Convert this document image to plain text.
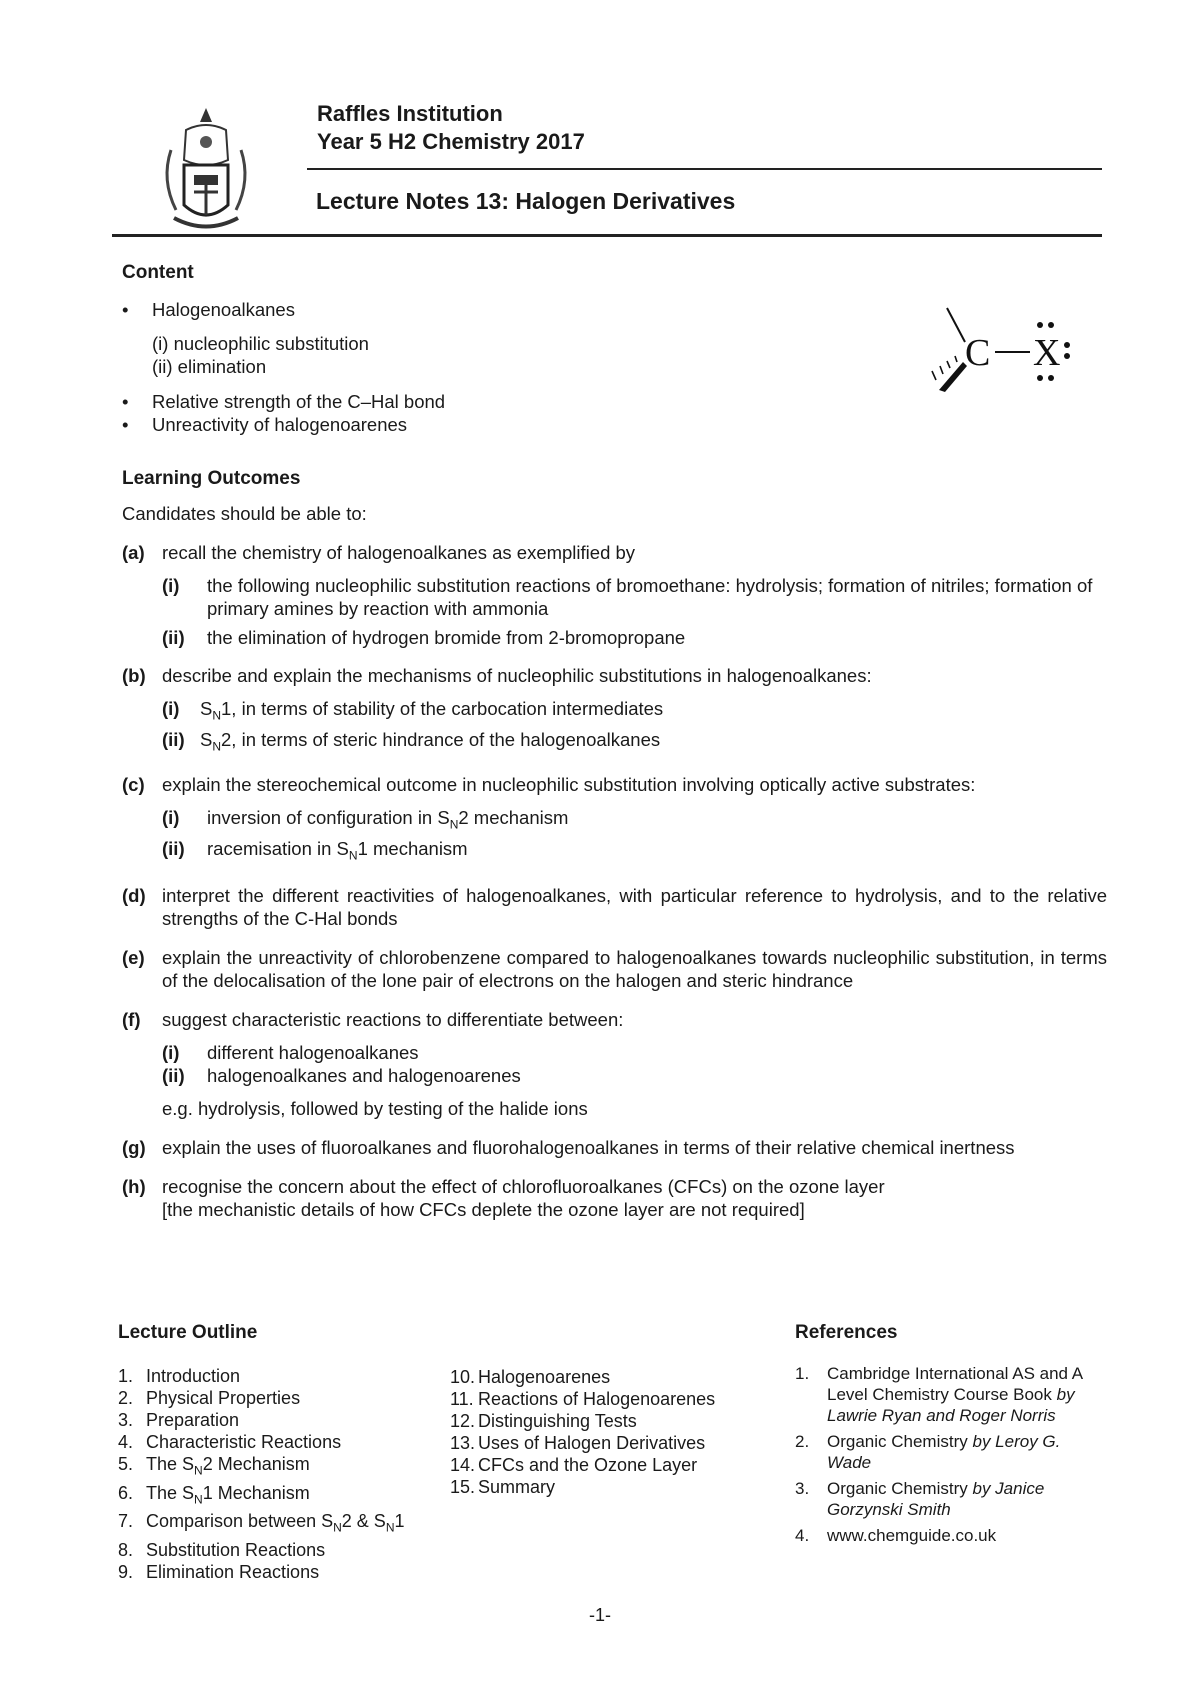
Raffles Institution
Year 5 H2 Chemistry 2017
Lecture Notes 13: Halogen Derivatives
Content
•	Halogenoalkanes
(i) nucleophilic substitution
(ii) elimination
•	Relative strength of the C–Hal bond
•	Unreactivity of halogenoarenes
C X
Learning Outcomes
Candidates should be able to:
(a) recall the chemistry of halogenoalkanes as exemplified by
(i)	the following nucleophilic substitution reactions of bromoethane: hydrolysis; formation of nitriles; formation of primary amines by reaction with ammonia
(ii)	the elimination of hydrogen bromide from 2-bromopropane
(b) describe and explain the mechanisms of nucleophilic substitutions in halogenoalkanes:
(i)	$S_N1$, in terms of stability of the carbocation intermediates
(ii) $S_N2$, in terms of steric hindrance of the halogenoalkanes
(c) explain the stereochemical outcome in nucleophilic substitution involving optically active substrates:
(i)	inversion of configuration in $S_N2$ mechanism
(ii)	racemisation in $S_N1$ mechanism
(d) interpret the different reactivities of halogenoalkanes, with particular reference to hydrolysis, and to the relative strengths of the C-Hal bonds
(e) explain the unreactivity of chlorobenzene compared to halogenoalkanes towards nucleophilic substitution, in terms of the delocalisation of the lone pair of electrons on the halogen and steric hindrance
(f)	suggest characteristic reactions to differentiate between:
(i)	different halogenoalkanes
(ii)	halogenoalkanes and halogenoarenes
e.g. hydrolysis, followed by testing of the halide ions
(g) explain the uses of fluoroalkanes and fluorohalogenoalkanes in terms of their relative chemical inertness
(h) recognise the concern about the effect of chlorofluoroalkanes (CFCs) on the ozone layer
[the mechanistic details of how CFCs deplete the ozone layer are not required]
Lecture Outline
1. Introduction
2. Physical Properties
3. Preparation
4. Characteristic Reactions
5. The $S_N2$ Mechanism
6. The $S_N1$ Mechanism
7. Comparison between $S_N2$ & $S_N1$
8. Substitution Reactions
9. Elimination Reactions
10. Halogenoarenes
11. Reactions of Halogenoarenes
12. Distinguishing Tests
13. Uses of Halogen Derivatives
14. CFCs and the Ozone Layer
15. Summary
References
1.	Cambridge International AS and A Level Chemistry Course Book by Lawrie Ryan and Roger Norris
2.	Organic Chemistry by Leroy G. Wade
3.	Organic Chemistry by Janice Gorzynski Smith
4.	www.chemguide.co.uk
-1-
